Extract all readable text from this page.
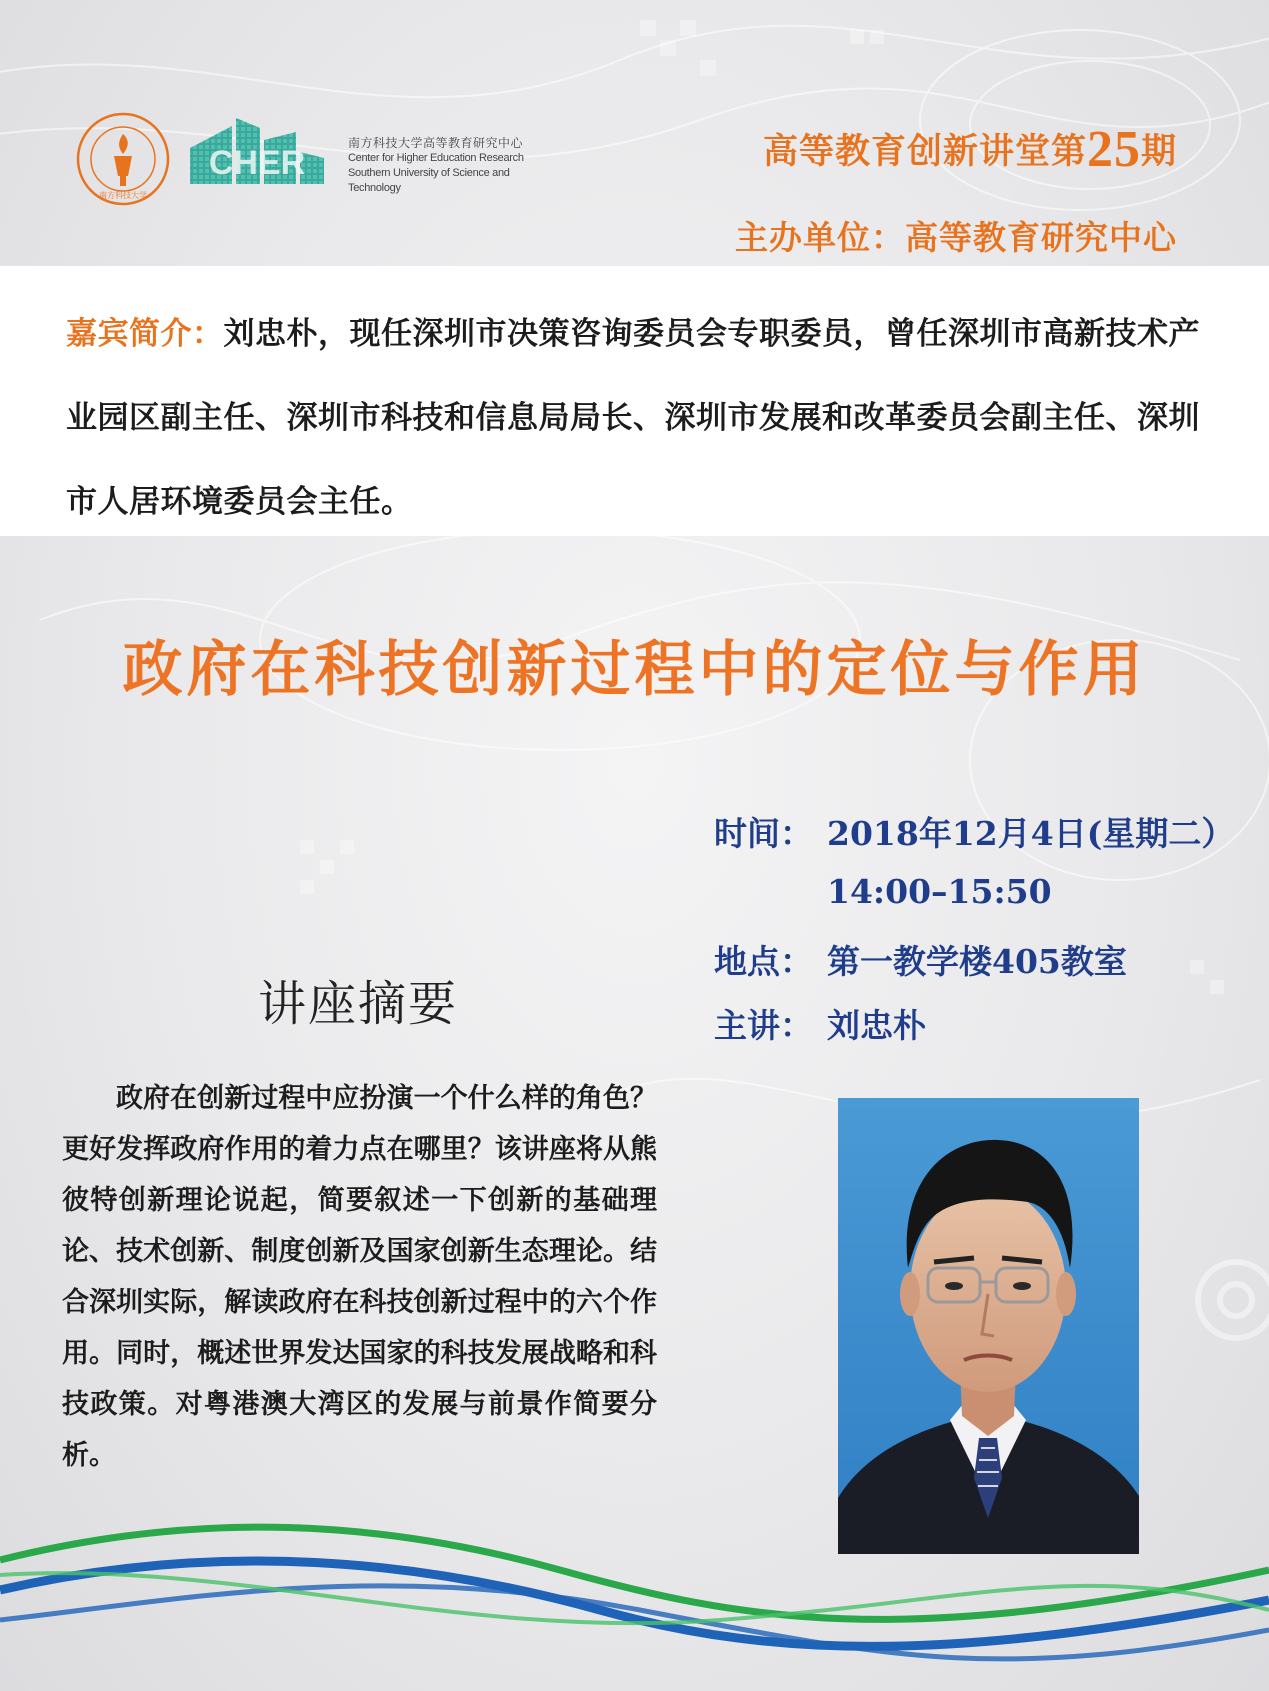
南方科技大学
CHER
南方科技大学高等教育研究中心
Center for Higher Education Research
Southern University of Science and Technology
高等教育创新讲堂第25期
主办单位：高等教育研究中心
嘉宾简介：刘忠朴，现任深圳市决策咨询委员会专职委员，曾任深圳市高新技术产业园区副主任、深圳市科技和信息局局长、深圳市发展和改革委员会副主任、深圳市人居环境委员会主任。
政府在科技创新过程中的定位与作用
时间： 2018年12月4日(星期二）
14:00–15:50
地点： 第一教学楼405教室
主讲： 刘忠朴
讲座摘要
政府在创新过程中应扮演一个什么样的角色？更好发挥政府作用的着力点在哪里？该讲座将从熊彼特创新理论说起，简要叙述一下创新的基础理论、技术创新、制度创新及国家创新生态理论。结合深圳实际，解读政府在科技创新过程中的六个作用。同时，概述世界发达国家的科技发展战略和科技政策。对粤港澳大湾区的发展与前景作简要分析。
